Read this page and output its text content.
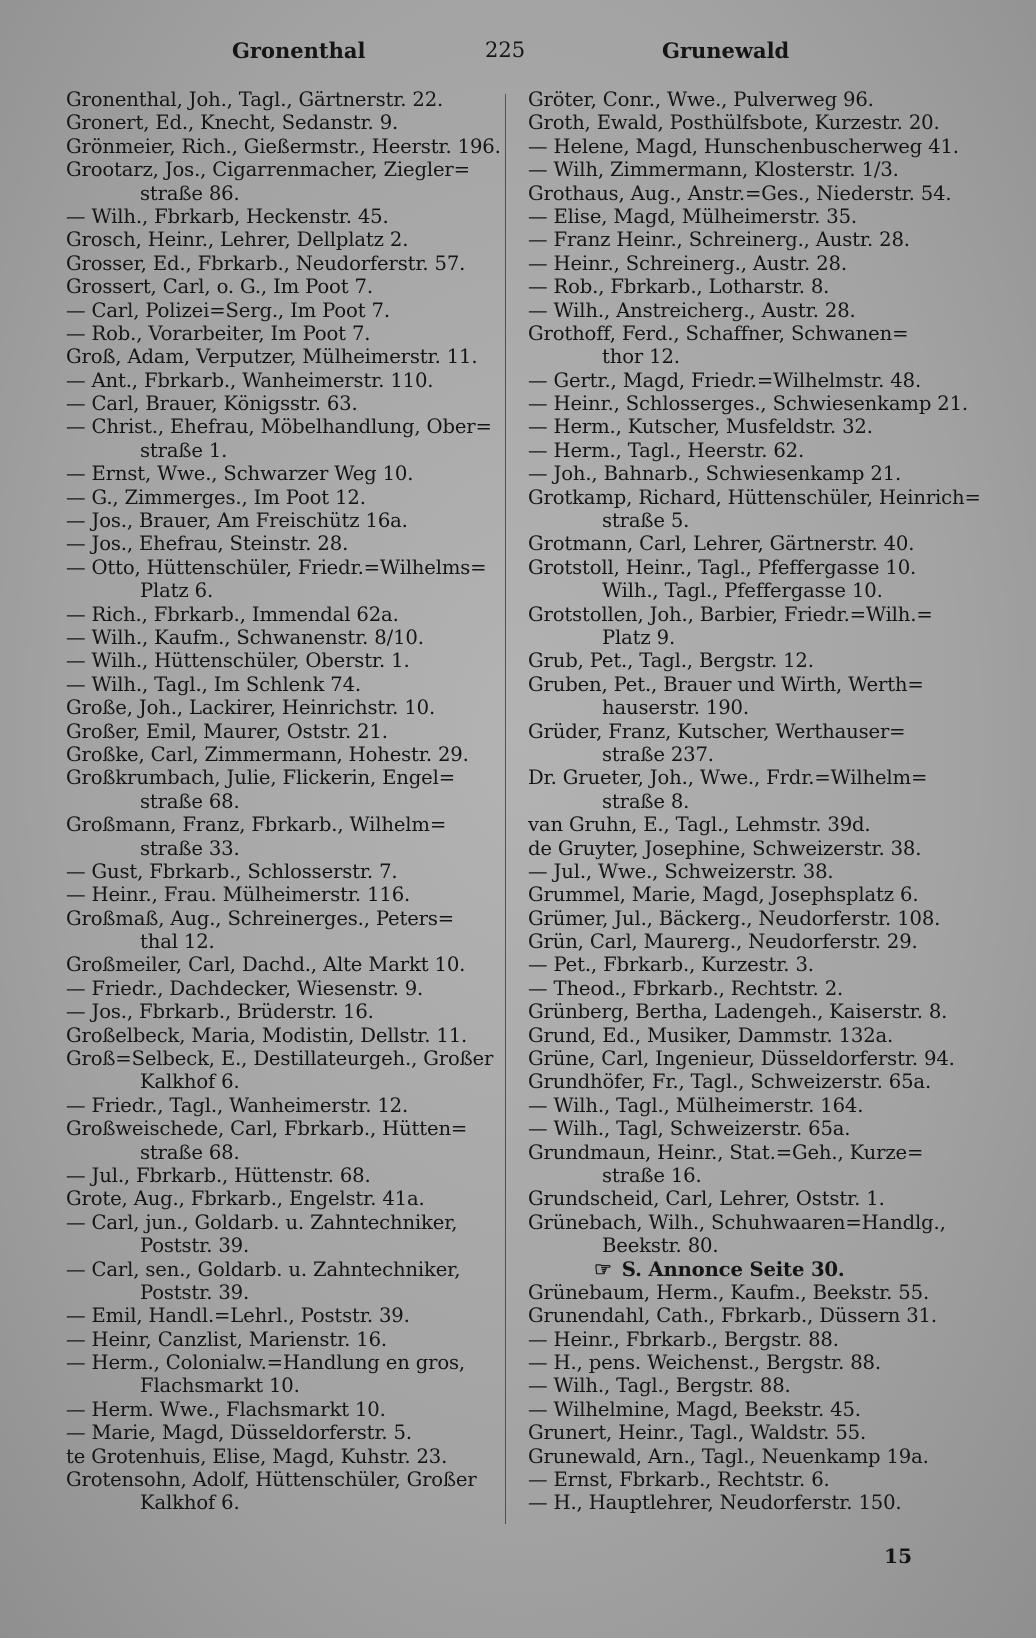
Gronenthal	225	Grunewald
Gronenthal, Joh., Tagl., Gärtnerstr. 22.
Gronert, Ed., Knecht, Sedanstr. 9.
Grönmeier, Rich., Gießermstr., Heerstr. 196.
Grootarz, Jos., Cigarrenmacher, Ziegler=
straße 86.
— Wilh., Fbrkarb, Heckenstr. 45.
Grosch, Heinr., Lehrer, Dellplatz 2.
Grosser, Ed., Fbrkarb., Neudorferstr. 57.
Grossert, Carl, o. G., Im Poot 7.
— Carl, Polizei=Serg., Im Poot 7.
— Rob., Vorarbeiter, Im Poot 7.
Groß, Adam, Verputzer, Mülheimerstr. 11.
— Ant., Fbrkarb., Wanheimerstr. 110.
— Carl, Brauer, Königsstr. 63.
— Christ., Ehefrau, Möbelhandlung, Ober=
straße 1.
— Ernst, Wwe., Schwarzer Weg 10.
— G., Zimmerges., Im Poot 12.
— Jos., Brauer, Am Freischütz 16a.
— Jos., Ehefrau, Steinstr. 28.
— Otto, Hüttenschüler, Friedr.=Wilhelms=
Platz 6.
— Rich., Fbrkarb., Immendal 62a.
— Wilh., Kaufm., Schwanenstr. 8/10.
— Wilh., Hüttenschüler, Oberstr. 1.
— Wilh., Tagl., Im Schlenk 74.
Große, Joh., Lackirer, Heinrichstr. 10.
Großer, Emil, Maurer, Oststr. 21.
Großke, Carl, Zimmermann, Hohestr. 29.
Großkrumbach, Julie, Flickerin, Engel=
straße 68.
Großmann, Franz, Fbrkarb., Wilhelm=
straße 33.
— Gust, Fbrkarb., Schlosserstr. 7.
— Heinr., Frau. Mülheimerstr. 116.
Großmaß, Aug., Schreinerges., Peters=
thal 12.
Großmeiler, Carl, Dachd., Alte Markt 10.
— Friedr., Dachdecker, Wiesenstr. 9.
— Jos., Fbrkarb., Brüderstr. 16.
Großelbeck, Maria, Modistin, Dellstr. 11.
Groß=Selbeck, E., Destillateurgeh., Großer
Kalkhof 6.
— Friedr., Tagl., Wanheimerstr. 12.
Großweischede, Carl, Fbrkarb., Hütten=
straße 68.
— Jul., Fbrkarb., Hüttenstr. 68.
Grote, Aug., Fbrkarb., Engelstr. 41a.
— Carl, jun., Goldarb. u. Zahntechniker,
Poststr. 39.
— Carl, sen., Goldarb. u. Zahntechniker,
Poststr. 39.
— Emil, Handl.=Lehrl., Poststr. 39.
— Heinr, Canzlist, Marienstr. 16.
— Herm., Colonialw.=Handlung en gros,
Flachsmarkt 10.
— Herm. Wwe., Flachsmarkt 10.
— Marie, Magd, Düsseldorferstr. 5.
te Grotenhuis, Elise, Magd, Kuhstr. 23.
Grotensohn, Adolf, Hüttenschüler, Großer
Kalkhof 6.
Gröter, Conr., Wwe., Pulverweg 96.
Groth, Ewald, Posthülfsbote, Kurzestr. 20.
— Helene, Magd, Hunschenbuscherweg 41.
— Wilh, Zimmermann, Klosterstr. 1/3.
Grothaus, Aug., Anstr.=Ges., Niederstr. 54.
— Elise, Magd, Mülheimerstr. 35.
— Franz Heinr., Schreinerg., Austr. 28.
— Heinr., Schreinerg., Austr. 28.
— Rob., Fbrkarb., Lotharstr. 8.
— Wilh., Anstreicherg., Austr. 28.
Grothoff, Ferd., Schaffner, Schwanen=
thor 12.
— Gertr., Magd, Friedr.=Wilhelmstr. 48.
— Heinr., Schlosserges., Schwiesenkamp 21.
— Herm., Kutscher, Musfeldstr. 32.
— Herm., Tagl., Heerstr. 62.
— Joh., Bahnarb., Schwiesenkamp 21.
Grotkamp, Richard, Hüttenschüler, Heinrich=
straße 5.
Grotmann, Carl, Lehrer, Gärtnerstr. 40.
Grotstoll, Heinr., Tagl., Pfeffergasse 10.
Wilh., Tagl., Pfeffergasse 10.
Grotstollen, Joh., Barbier, Friedr.=Wilh.=
Platz 9.
Grub, Pet., Tagl., Bergstr. 12.
Gruben, Pet., Brauer und Wirth, Werth=
hauserstr. 190.
Grüder, Franz, Kutscher, Werthauser=
straße 237.
Dr. Grueter, Joh., Wwe., Frdr.=Wilhelm=
straße 8.
van Gruhn, E., Tagl., Lehmstr. 39d.
de Gruyter, Josephine, Schweizerstr. 38.
— Jul., Wwe., Schweizerstr. 38.
Grummel, Marie, Magd, Josephsplatz 6.
Grümer, Jul., Bäckerg., Neudorferstr. 108.
Grün, Carl, Maurerg., Neudorferstr. 29.
— Pet., Fbrkarb., Kurzestr. 3.
— Theod., Fbrkarb., Rechtstr. 2.
Grünberg, Bertha, Ladengeh., Kaiserstr. 8.
Grund, Ed., Musiker, Dammstr. 132a.
Grüne, Carl, Ingenieur, Düsseldorferstr. 94.
Grundhöfer, Fr., Tagl., Schweizerstr. 65a.
— Wilh., Tagl., Mülheimerstr. 164.
— Wilh., Tagl, Schweizerstr. 65a.
Grundmaun, Heinr., Stat.=Geh., Kurze=
straße 16.
Grundscheid, Carl, Lehrer, Oststr. 1.
Grünebach, Wilh., Schuhwaaren=Handlg.,
Beekstr. 80.
☞ S. Annonce Seite 30.
Grünebaum, Herm., Kaufm., Beekstr. 55.
Grunendahl, Cath., Fbrkarb., Düssern 31.
— Heinr., Fbrkarb., Bergstr. 88.
— H., pens. Weichenst., Bergstr. 88.
— Wilh., Tagl., Bergstr. 88.
— Wilhelmine, Magd, Beekstr. 45.
Grunert, Heinr., Tagl., Waldstr. 55.
Grunewald, Arn., Tagl., Neuenkamp 19a.
— Ernst, Fbrkarb., Rechtstr. 6.
— H., Hauptlehrer, Neudorferstr. 150.
15
